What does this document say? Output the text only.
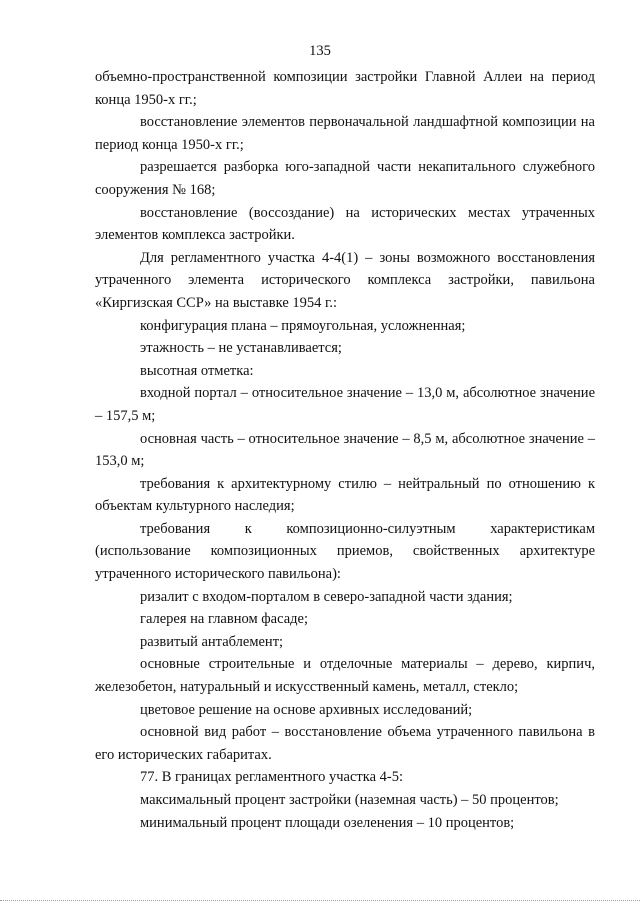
135

объемно-пространственной композиции застройки Главной Аллеи на период конца 1950-х гг.;

восстановление элементов первоначальной ландшафтной композиции на период конца 1950-х гг.;

разрешается разборка юго-западной части некапитального служебного сооружения № 168;

восстановление (воссоздание) на исторических местах утраченных элементов комплекса застройки.

Для регламентного участка 4-4(1) – зоны возможного восстановления утраченного элемента исторического комплекса застройки, павильона «Киргизская ССР» на выставке 1954 г.:

конфигурация плана – прямоугольная, усложненная;

этажность – не устанавливается;

высотная отметка:

входной портал – относительное значение – 13,0 м, абсолютное значение – 157,5 м;

основная часть – относительное значение – 8,5 м, абсолютное значение – 153,0 м;

требования к архитектурному стилю – нейтральный по отношению к объектам культурного наследия;

требования к композиционно-силуэтным характеристикам (использование композиционных приемов, свойственных архитектуре утраченного исторического павильона):

ризалит с входом-порталом в северо-западной части здания;

галерея на главном фасаде;

развитый антаблемент;

основные строительные и отделочные материалы – дерево, кирпич, железобетон, натуральный и искусственный камень, металл, стекло;

цветовое решение на основе архивных исследований;

основной вид работ – восстановление объема утраченного павильона в его исторических габаритах.

77. В границах регламентного участка 4-5:

максимальный процент застройки (наземная часть) – 50 процентов;

минимальный процент площади озеленения – 10 процентов;
